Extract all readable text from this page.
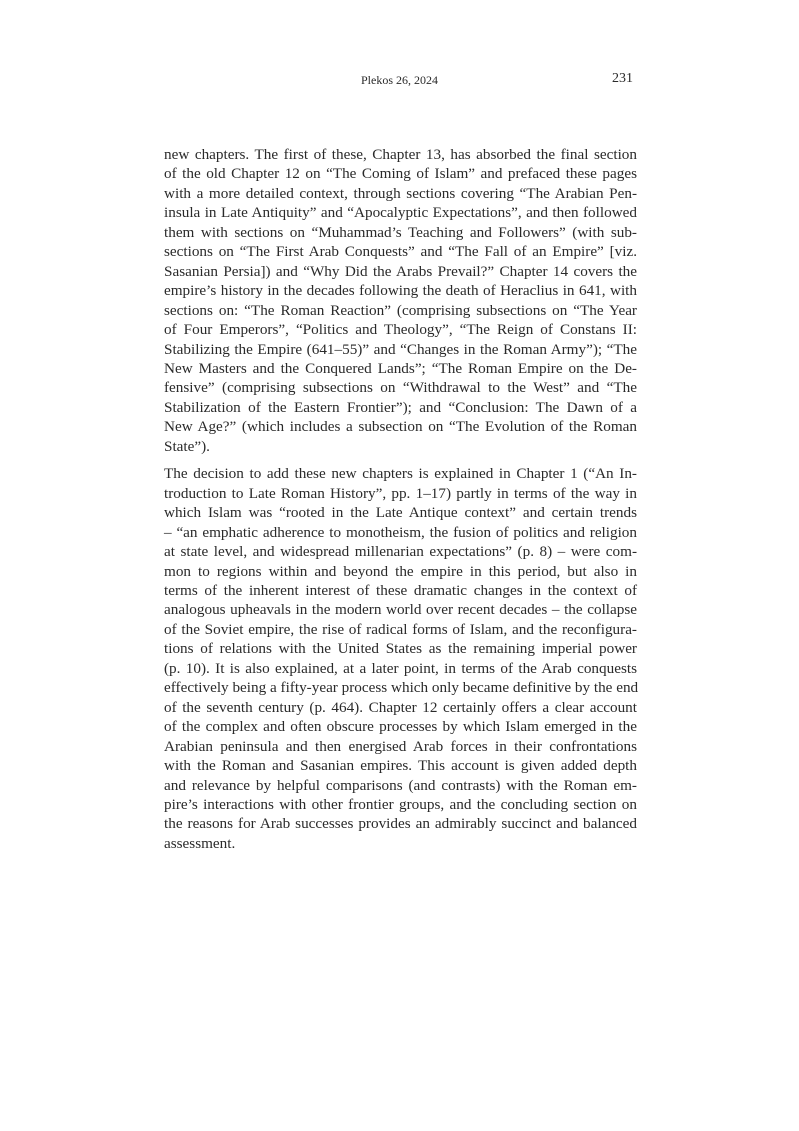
Plekos 26, 2024	231
new chapters. The first of these, Chapter 13, has absorbed the final section
of the old Chapter 12 on “The Coming of Islam” and prefaced these pages
with a more detailed context, through sections covering “The Arabian Pen-
insula in Late Antiquity” and “Apocalyptic Expectations”, and then followed
them with sections on “Muhammad’s Teaching and Followers” (with sub-
sections on “The First Arab Conquests” and “The Fall of an Empire” [viz.
Sasanian Persia]) and “Why Did the Arabs Prevail?” Chapter 14 covers the
empire’s history in the decades following the death of Heraclius in 641, with
sections on: “The Roman Reaction” (comprising subsections on “The Year
of Four Emperors”, “Politics and Theology”, “The Reign of Constans II:
Stabilizing the Empire (641–55)” and “Changes in the Roman Army”); “The
New Masters and the Conquered Lands”; “The Roman Empire on the De-
fensive” (comprising subsections on “Withdrawal to the West” and “The
Stabilization of the Eastern Frontier”); and “Conclusion: The Dawn of a
New Age?” (which includes a subsection on “The Evolution of the Roman
State”).
The decision to add these new chapters is explained in Chapter 1 (“An In-
troduction to Late Roman History”, pp. 1–17) partly in terms of the way in
which Islam was “rooted in the Late Antique context” and certain trends
– “an emphatic adherence to monotheism, the fusion of politics and religion
at state level, and widespread millenarian expectations” (p. 8) – were com-
mon to regions within and beyond the empire in this period, but also in
terms of the inherent interest of these dramatic changes in the context of
analogous upheavals in the modern world over recent decades – the collapse
of the Soviet empire, the rise of radical forms of Islam, and the reconfigura-
tions of relations with the United States as the remaining imperial power
(p. 10). It is also explained, at a later point, in terms of the Arab conquests
effectively being a fifty-year process which only became definitive by the end
of the seventh century (p. 464). Chapter 12 certainly offers a clear account
of the complex and often obscure processes by which Islam emerged in the
Arabian peninsula and then energised Arab forces in their confrontations
with the Roman and Sasanian empires. This account is given added depth
and relevance by helpful comparisons (and contrasts) with the Roman em-
pire’s interactions with other frontier groups, and the concluding section on
the reasons for Arab successes provides an admirably succinct and balanced
assessment.
